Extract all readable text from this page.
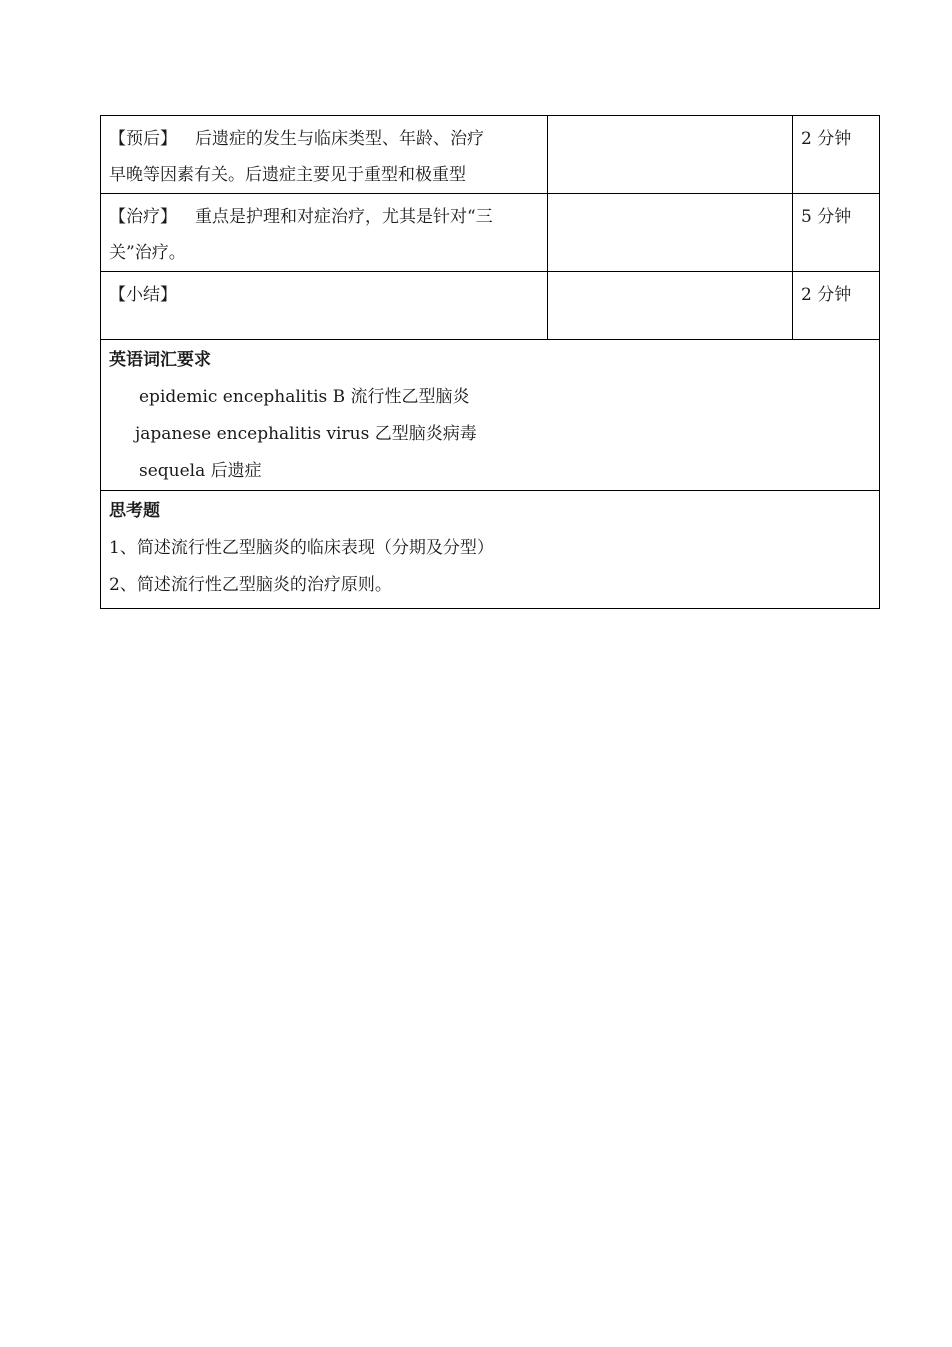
【预后】 后遗症的发生与临床类型、年龄、治疗
早晚等因素有关。后遗症主要见于重型和极重型		2 分钟

【治疗】 重点是护理和对症治疗，尤其是针对“三
关”治疗。		5 分钟

【小结】		2 分钟

英语词汇要求
epidemic encephalitis B 流行性乙型脑炎
japanese encephalitis virus 乙型脑炎病毒
sequela 后遗症		

思考题
1、简述流行性乙型脑炎的临床表现（分期及分型）
2、简述流行性乙型脑炎的治疗原则。		
